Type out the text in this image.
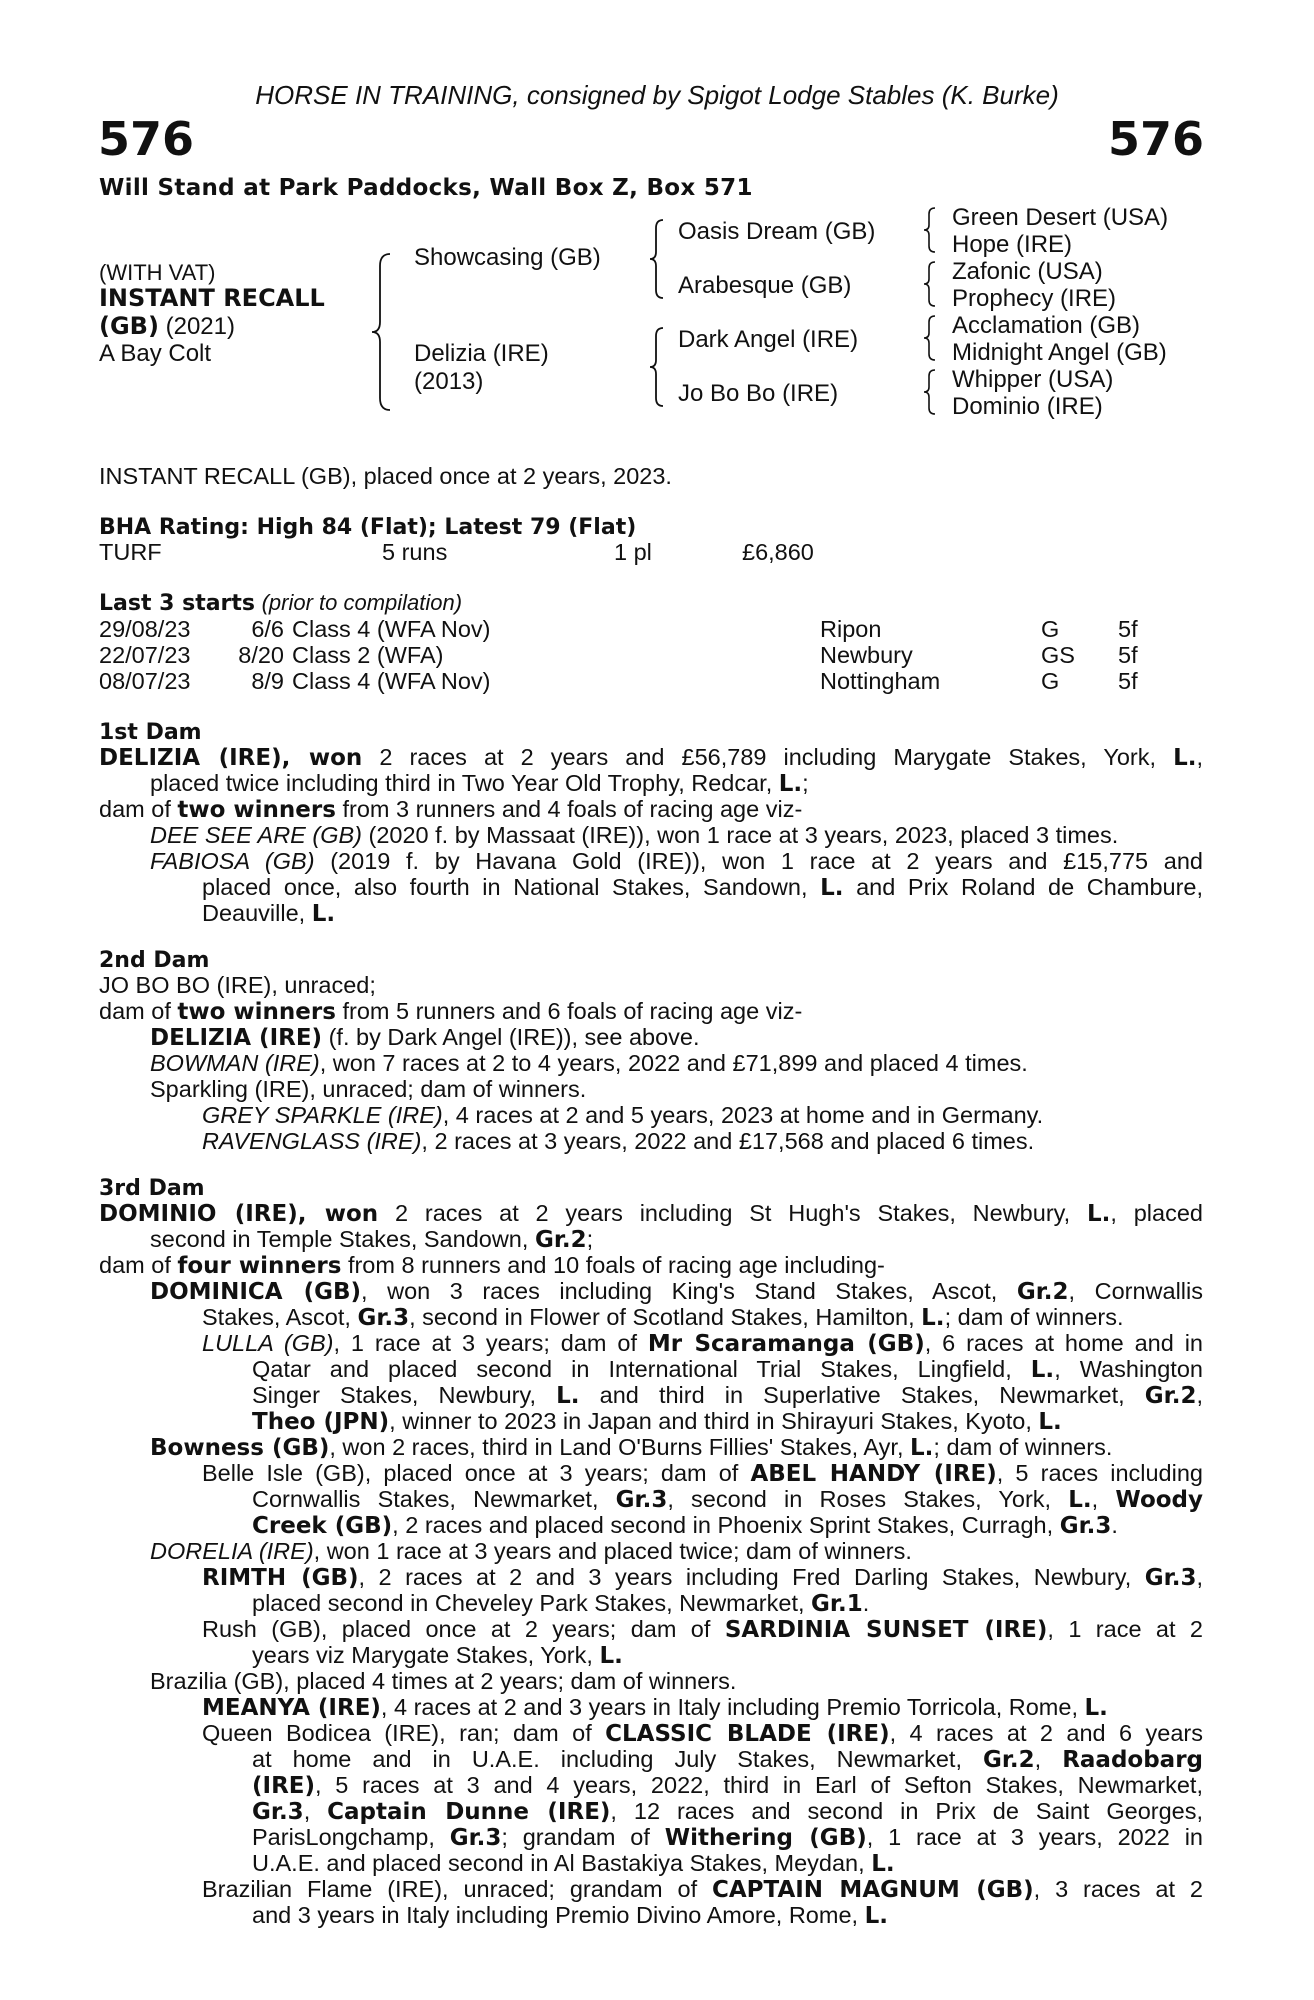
HORSE IN TRAINING, consigned by Spigot Lodge Stables (K. Burke)
576	576
Will Stand at Park Paddocks, Wall Box Z, Box 571
(WITH VAT)
INSTANT RECALL
(GB) (2021)
A Bay Colt
Showcasing (GB)
Delizia (IRE)
(2013)
Oasis Dream (GB)
Arabesque (GB)
Dark Angel (IRE)
Jo Bo Bo (IRE)
Green Desert (USA)
Hope (IRE)
Zafonic (USA)
Prophecy (IRE)
Acclamation (GB)
Midnight Angel (GB)
Whipper (USA)
Dominio (IRE)
INSTANT RECALL (GB), placed once at 2 years, 2023.
BHA Rating: High 84 (Flat); Latest 79 (Flat)
TURF	5 runs	1 pl	£6,860
Last 3 starts (prior to compilation)
29/08/23	6/6 Class 4 (WFA Nov)	Ripon	G 5f
22/07/23	8/20 Class 2 (WFA)	Newbury	GS 5f
08/07/23	8/9 Class 4 (WFA Nov)	Nottingham	G 5f
1st Dam
DELIZIA (IRE), won 2 races at 2 years and £56,789 including Marygate Stakes, York, L.,
placed twice including third in Two Year Old Trophy, Redcar, L.;
dam of two winners from 3 runners and 4 foals of racing age viz-
DEE SEE ARE (GB) (2020 f. by Massaat (IRE)), won 1 race at 3 years, 2023, placed 3 times.
FABIOSA (GB) (2019 f. by Havana Gold (IRE)), won 1 race at 2 years and £15,775 and
placed once, also fourth in National Stakes, Sandown, L. and Prix Roland de Chambure,
Deauville, L.
2nd Dam
JO BO BO (IRE), unraced;
dam of two winners from 5 runners and 6 foals of racing age viz-
DELIZIA (IRE) (f. by Dark Angel (IRE)), see above.
BOWMAN (IRE), won 7 races at 2 to 4 years, 2022 and £71,899 and placed 4 times.
Sparkling (IRE), unraced; dam of winners.
GREY SPARKLE (IRE), 4 races at 2 and 5 years, 2023 at home and in Germany.
RAVENGLASS (IRE), 2 races at 3 years, 2022 and £17,568 and placed 6 times.
3rd Dam
DOMINIO (IRE), won 2 races at 2 years including St Hugh's Stakes, Newbury, L., placed
second in Temple Stakes, Sandown, Gr.2;
dam of four winners from 8 runners and 10 foals of racing age including-
DOMINICA (GB), won 3 races including King's Stand Stakes, Ascot, Gr.2, Cornwallis
Stakes, Ascot, Gr.3, second in Flower of Scotland Stakes, Hamilton, L.; dam of winners.
LULLA (GB), 1 race at 3 years; dam of Mr Scaramanga (GB), 6 races at home and in
Qatar and placed second in International Trial Stakes, Lingfield, L., Washington
Singer Stakes, Newbury, L. and third in Superlative Stakes, Newmarket, Gr.2,
Theo (JPN), winner to 2023 in Japan and third in Shirayuri Stakes, Kyoto, L.
Bowness (GB), won 2 races, third in Land O'Burns Fillies' Stakes, Ayr, L.; dam of winners.
Belle Isle (GB), placed once at 3 years; dam of ABEL HANDY (IRE), 5 races including
Cornwallis Stakes, Newmarket, Gr.3, second in Roses Stakes, York, L., Woody
Creek (GB), 2 races and placed second in Phoenix Sprint Stakes, Curragh, Gr.3.
DORELIA (IRE), won 1 race at 3 years and placed twice; dam of winners.
RIMTH (GB), 2 races at 2 and 3 years including Fred Darling Stakes, Newbury, Gr.3,
placed second in Cheveley Park Stakes, Newmarket, Gr.1.
Rush (GB), placed once at 2 years; dam of SARDINIA SUNSET (IRE), 1 race at 2
years viz Marygate Stakes, York, L.
Brazilia (GB), placed 4 times at 2 years; dam of winners.
MEANYA (IRE), 4 races at 2 and 3 years in Italy including Premio Torricola, Rome, L.
Queen Bodicea (IRE), ran; dam of CLASSIC BLADE (IRE), 4 races at 2 and 6 years
at home and in U.A.E. including July Stakes, Newmarket, Gr.2, Raadobarg
(IRE), 5 races at 3 and 4 years, 2022, third in Earl of Sefton Stakes, Newmarket,
Gr.3, Captain Dunne (IRE), 12 races and second in Prix de Saint Georges,
ParisLongchamp, Gr.3; grandam of Withering (GB), 1 race at 3 years, 2022 in
U.A.E. and placed second in Al Bastakiya Stakes, Meydan, L.
Brazilian Flame (IRE), unraced; grandam of CAPTAIN MAGNUM (GB), 3 races at 2
and 3 years in Italy including Premio Divino Amore, Rome, L.
